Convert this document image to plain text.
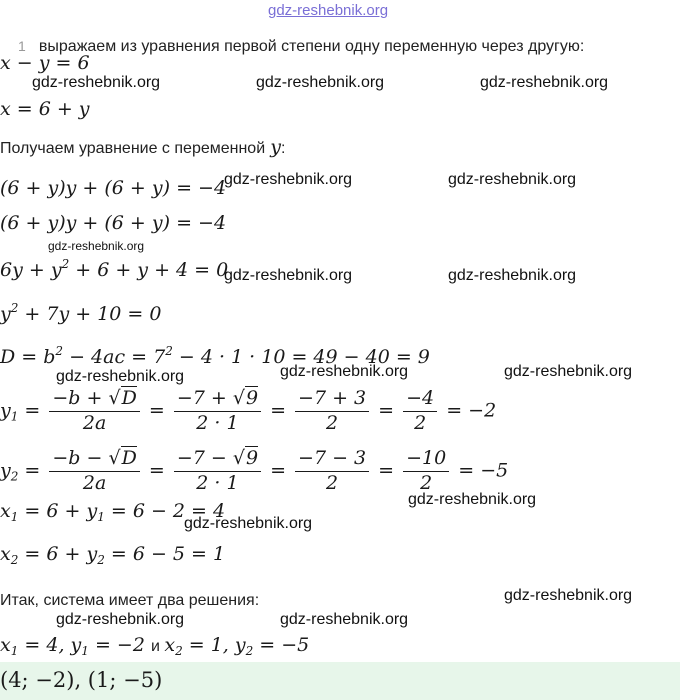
gdz-reshebnik.org
1 выражаем из уравнения первой степени одну переменную через другую:
x − y = 6
x = 6 + y
Получаем уравнение с переменной y:
(6 + y)y + (6 + y) = −4
(6 + y)y + (6 + y) = −4
$6y + y^2 + 6 + y + 4 = 0$
$y^2 + 7y + 10 = 0$
$D = b^2 - 4ac = 7^2 - 4 \cdot 1 \cdot 10 = 49 - 40 = 9$
$y_1 = \frac{-b + √D}{2a} = \frac{-7 + √9}{2 \cdot 1} = \frac{-7 + 3}{2} = \frac{-4}{2} = -2$
$y_2 = \frac{-b - √D}{2a} = \frac{-7 - √9}{2 \cdot 1} = \frac{-7 - 3}{2} = \frac{-10}{2} = -5$
$x_1 = 6 + y_1 = 6 - 2 = 4$
$x_2 = 6 + y_2 = 6 - 5 = 1$
Итак, система имеет два решения:
$x_1 = 4$, $y_1 = -2$ и $x_2 = 1$, $y_2 = -5$
(4; −2), (1; −5)
gdz-reshebnik.org	gdz-reshebnik.org	gdz-reshebnik.org
gdz-reshebnik.org	gdz-reshebnik.org
gdz-reshebnik.org
gdz-reshebnik.org	gdz-reshebnik.org
gdz-reshebnik.org	gdz-reshebnik.org	gdz-reshebnik.org
gdz-reshebnik.org
gdz-reshebnik.org
gdz-reshebnik.org
gdz-reshebnik.org	gdz-reshebnik.org
